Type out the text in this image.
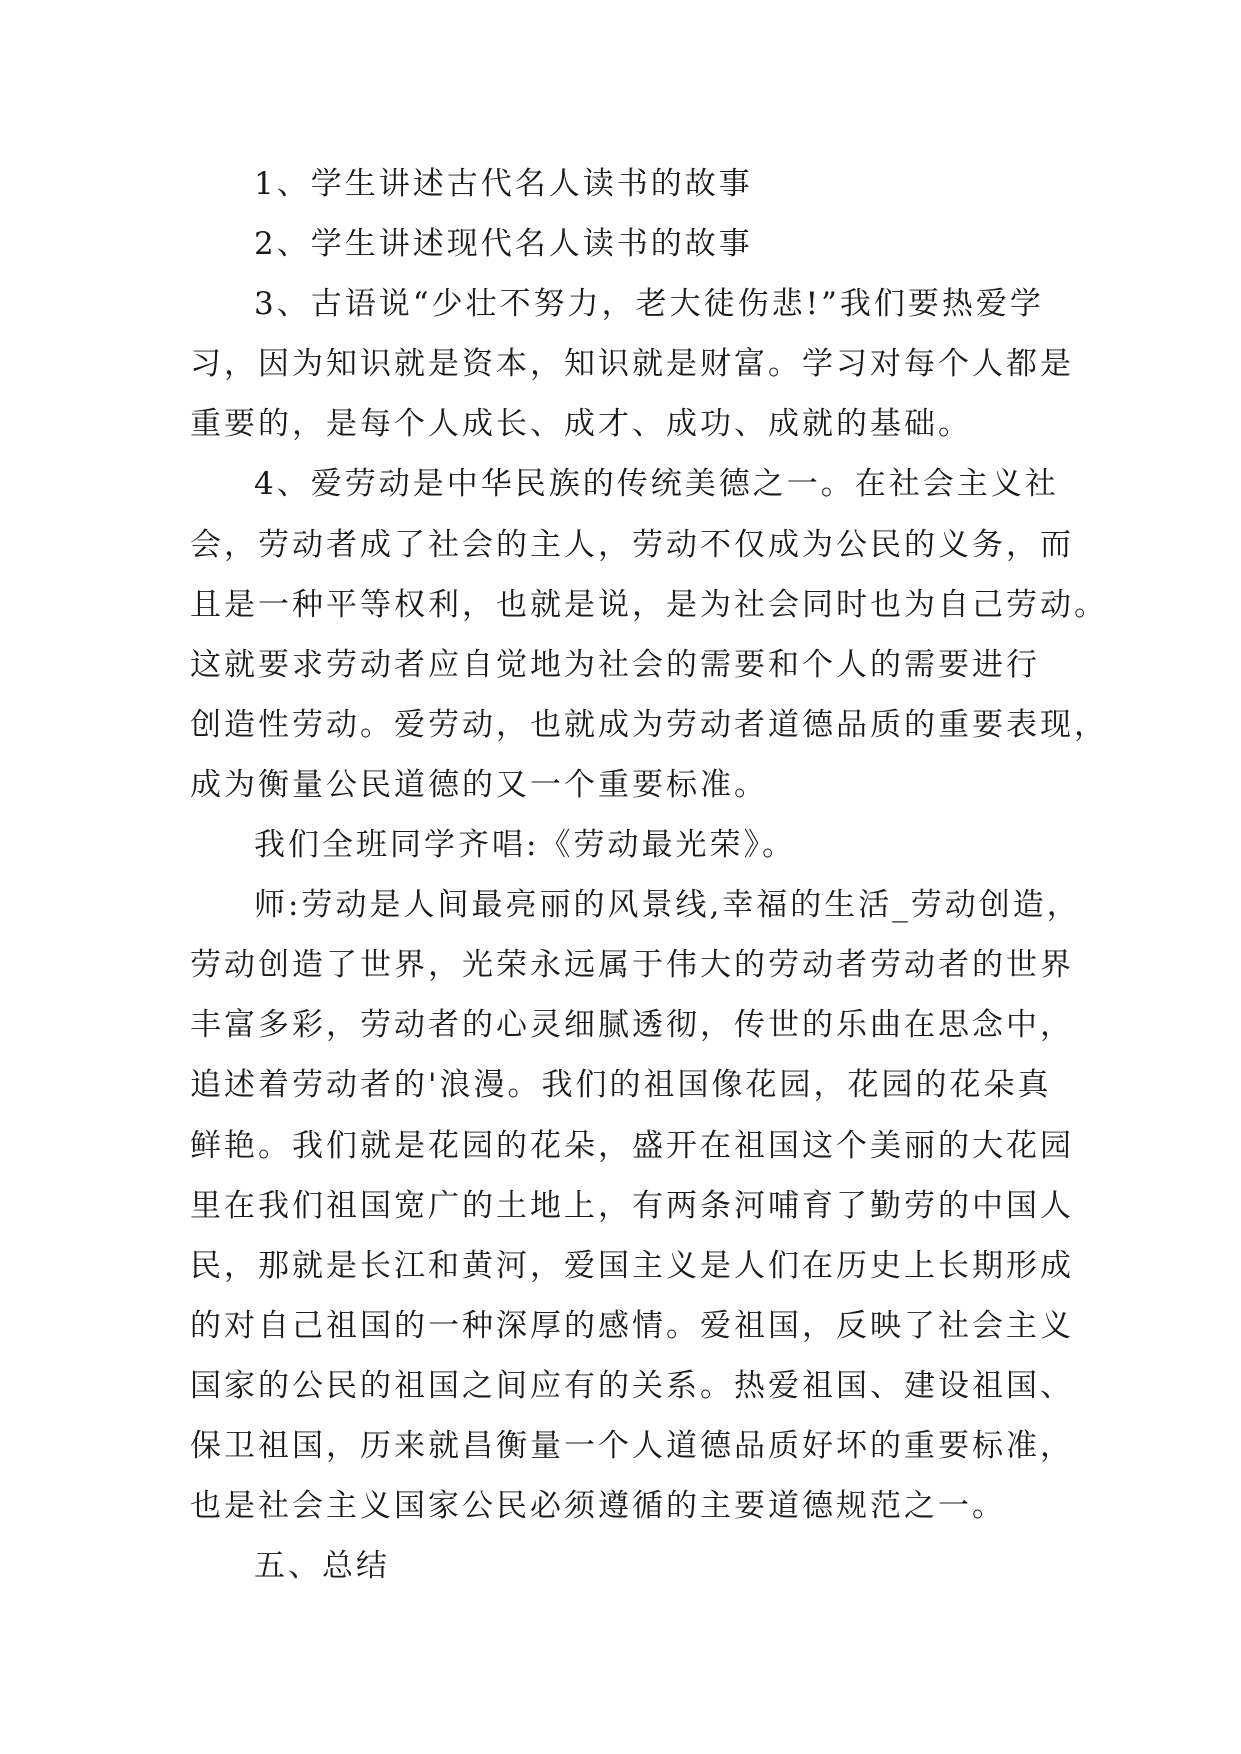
1、学生讲述古代名人读书的故事

2、学生讲述现代名人读书的故事

3、古语说“少壮不努力，老大徒伤悲!”我们要热爱学
习，因为知识就是资本，知识就是财富。学习对每个人都是
重要的，是每个人成长、成才、成功、成就的基础。

4、爱劳动是中华民族的传统美德之一。在社会主义社
会，劳动者成了社会的主人，劳动不仅成为公民的义务，而
且是一种平等权利，也就是说，是为社会同时也为自己劳动。
这就要求劳动者应自觉地为社会的需要和个人的需要进行
创造性劳动。爱劳动，也就成为劳动者道德品质的重要表现，
成为衡量公民道德的又一个重要标准。

我们全班同学齐唱:《劳动最光荣》。

师:劳动是人间最亮丽的风景线,幸福的生活_劳动创造，
劳动创造了世界，光荣永远属于伟大的劳动者劳动者的世界
丰富多彩，劳动者的心灵细腻透彻，传世的乐曲在思念中，
追述着劳动者的'浪漫。我们的祖国像花园，花园的花朵真
鲜艳。我们就是花园的花朵，盛开在祖国这个美丽的大花园
里在我们祖国宽广的土地上，有两条河哺育了勤劳的中国人
民，那就是长江和黄河，爱国主义是人们在历史上长期形成
的对自己祖国的一种深厚的感情。爱祖国，反映了社会主义
国家的公民的祖国之间应有的关系。热爱祖国、建设祖国、
保卫祖国，历来就昌衡量一个人道德品质好坏的重要标准，
也是社会主义国家公民必须遵循的主要道德规范之一。

五、总结
